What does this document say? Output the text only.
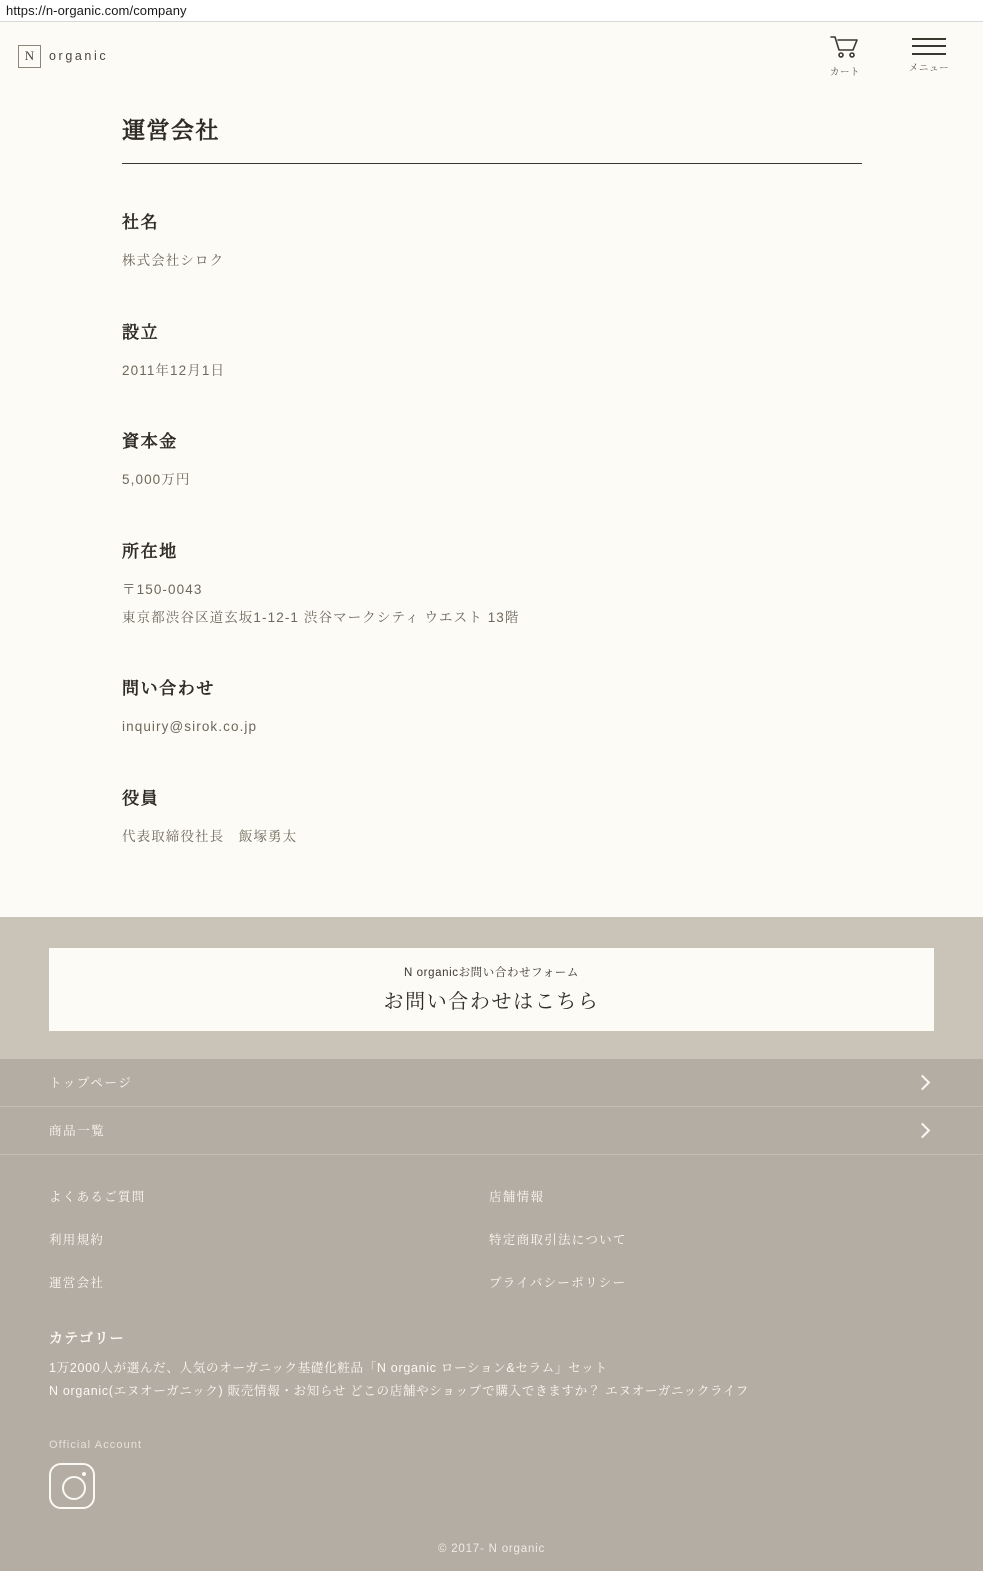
https://n-organic.com/company
N	organic
カート	メニュー
運営会社
社名
株式会社シロク
設立
2011年12月1日
資本金
5,000万円
所在地
〒150-0043
東京都渋谷区道玄坂1-12-1 渋谷マークシティ ウエスト 13階
問い合わせ
inquiry@sirok.co.jp
役員
代表取締役社長　飯塚勇太
N organicお問い合わせフォーム
お問い合わせはこちら
トップページ
商品一覧
よくあるご質問
利用規約
運営会社
店舗情報
特定商取引法について
プライバシーポリシー
カテゴリー
1万2000人が選んだ、人気のオーガニック基礎化粧品「N organic ローション&セラム」セット
N organic(エヌオーガニック) 販売情報・お知らせ どこの店舗やショップで購入できますか？ エヌオーガニックライフ
Official Account
© 2017- N organic
